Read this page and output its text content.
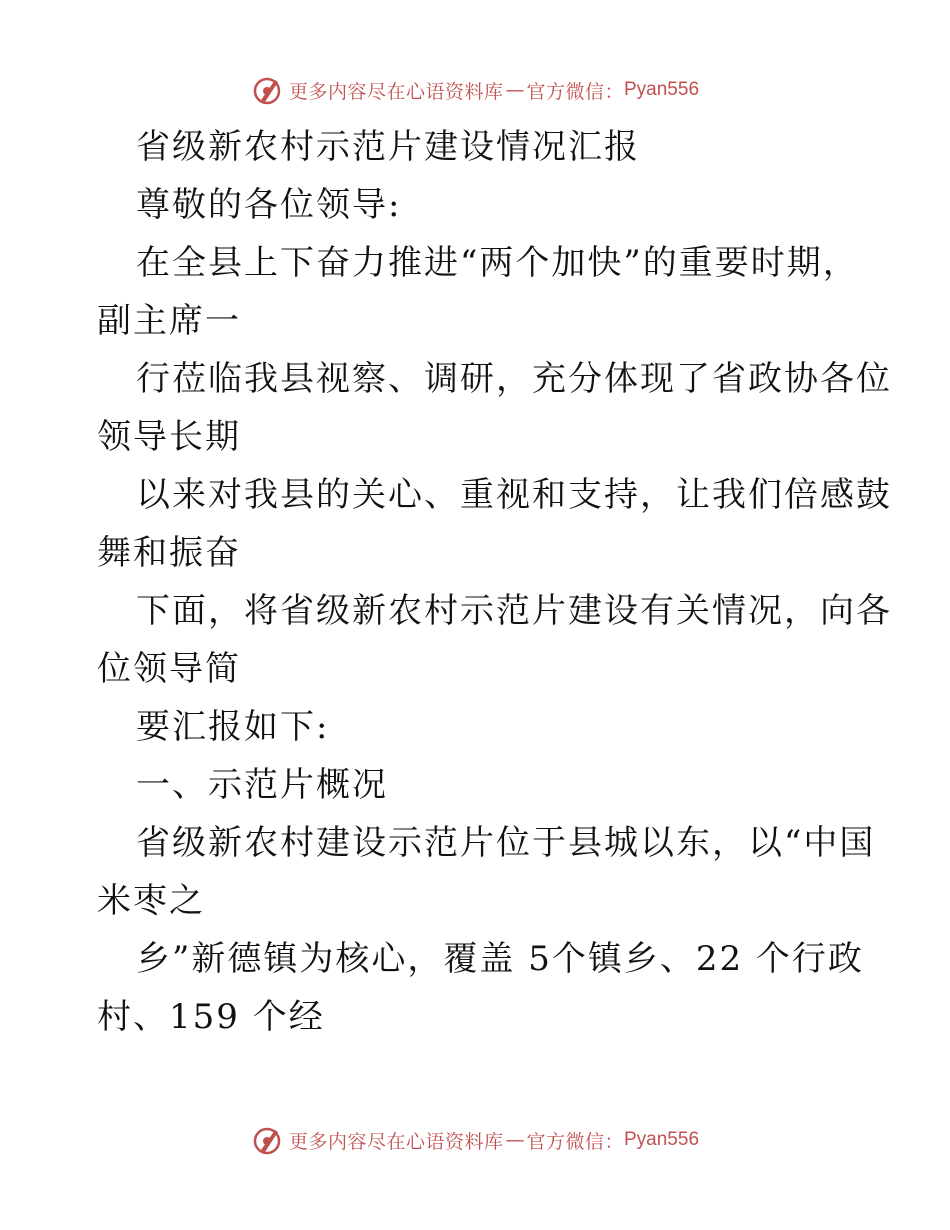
更多内容尽在心语资料库 — 官方微信： Pyan556
省级新农村示范片建设情况汇报
尊敬的各位领导:
在全县上下奋力推进“两个加快”的重要时期，
副主席一
行莅临我县视察、调研，充分体现了省政协各位
领导长期
以来对我县的关心、重视和支持，让我们倍感鼓
舞和振奋
下面，将省级新农村示范片建设有关情况，向各
位领导简
要汇报如下:
一、示范片概况
省级新农村建设示范片位于县城以东，以“中国
米枣之
乡”新德镇为核心，覆盖 5个镇乡、22 个行政
村、159 个经
更多内容尽在心语资料库 — 官方微信： Pyan556
